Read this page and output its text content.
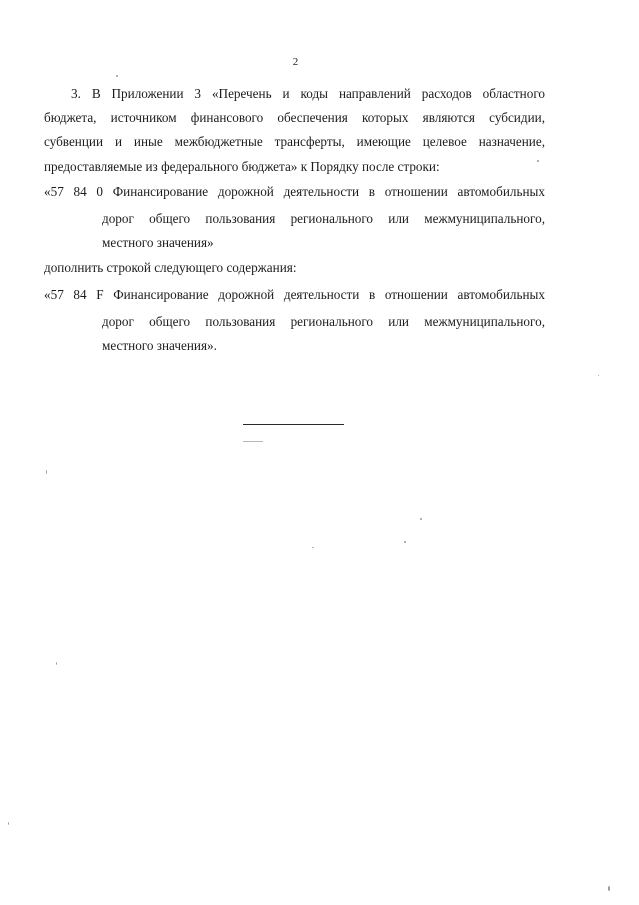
2
3. В Приложении 3 «Перечень и коды направлений расходов областного
бюджета, источником финансового обеспечения которых являются субсидии,
субвенции и иные межбюджетные трансферты, имеющие целевое назначение,
предоставляемые из федерального бюджета» к Порядку после строки:
«57 84 0 Финансирование дорожной деятельности в отношении автомобильных
дорог общего пользования регионального или межмуниципального,
местного значения»
дополнить строкой следующего содержания:
«57 84 F Финансирование дорожной деятельности в отношении автомобильных
дорог общего пользования регионального или межмуниципального,
местного значения».
